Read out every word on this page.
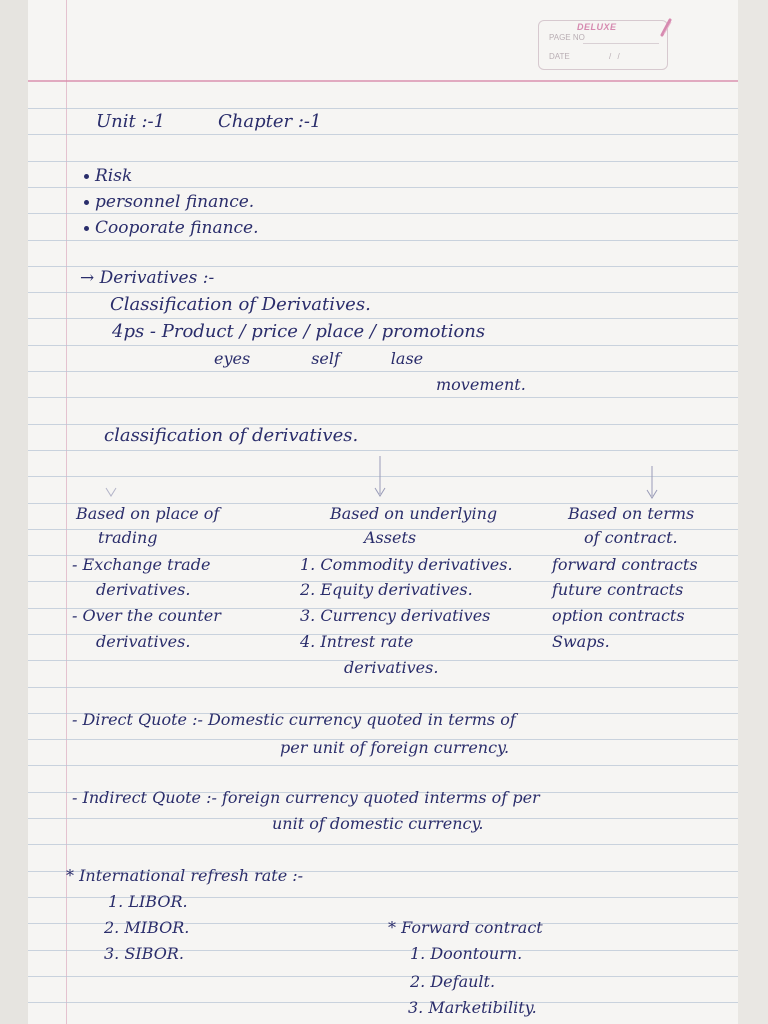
DELUXE
PAGE NO
DATE	/ /
Unit :-1	Chapter :-1
Risk
personnel finance.
Cooporate finance.
→ Derivatives :-
Classification of Derivatives.
4ps - Product / price / place / promotions
eyes            self          lase
movement.
classification of derivatives.
Based on place of
trading
- Exchange trade
derivatives.
- Over the counter
derivatives.
Based on underlying
Assets
1. Commodity derivatives.
2. Equity derivatives.
3. Currency derivatives
4. Intrest rate
derivatives.
Based on terms
of contract.
forward contracts
future contracts
option contracts
Swaps.
- Direct Quote :- Domestic currency quoted in terms of
per unit of foreign currency.
- Indirect Quote :- foreign currency quoted interms of per
unit of domestic currency.
* International refresh rate :-
1. LIBOR.
2. MIBOR.
3. SIBOR.
* Forward contract
1. Doontourn.
2. Default.
3. Marketibility.
